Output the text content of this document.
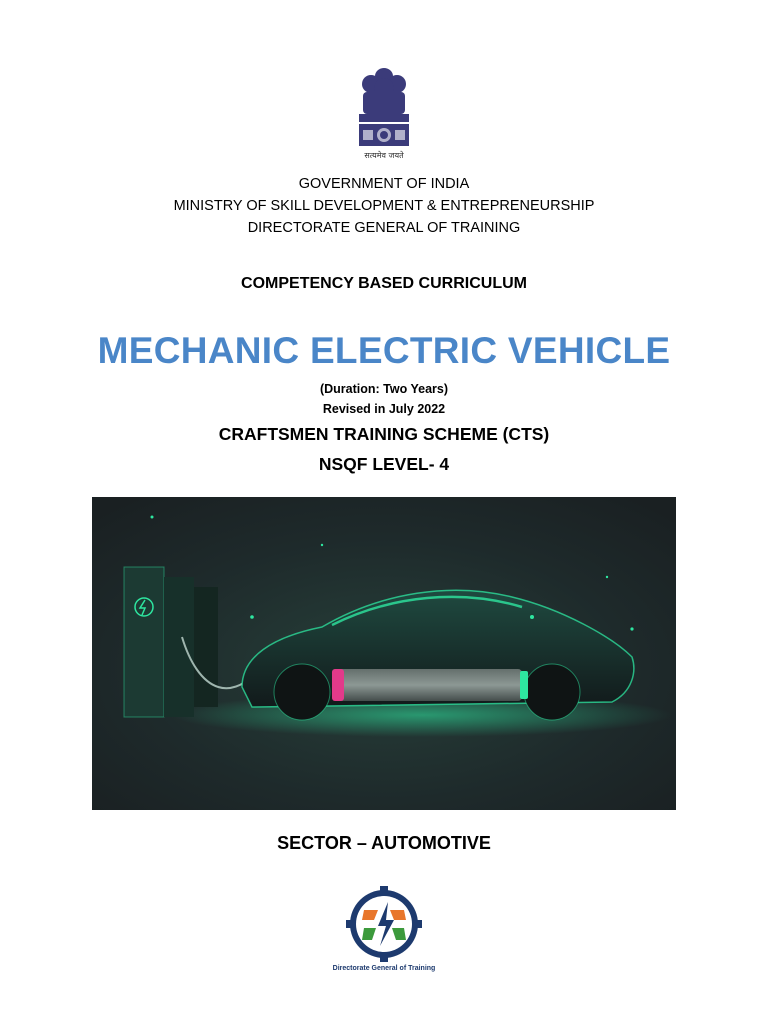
सत्यमेव जयते
GOVERNMENT OF INDIA
MINISTRY OF SKILL DEVELOPMENT & ENTREPRENEURSHIP
DIRECTORATE GENERAL OF TRAINING
COMPETENCY BASED CURRICULUM
MECHANIC ELECTRIC VEHICLE
(Duration: Two Years)
Revised in July 2022
CRAFTSMEN TRAINING SCHEME (CTS)
NSQF LEVEL- 4
SECTOR – AUTOMOTIVE
Directorate General of Training
